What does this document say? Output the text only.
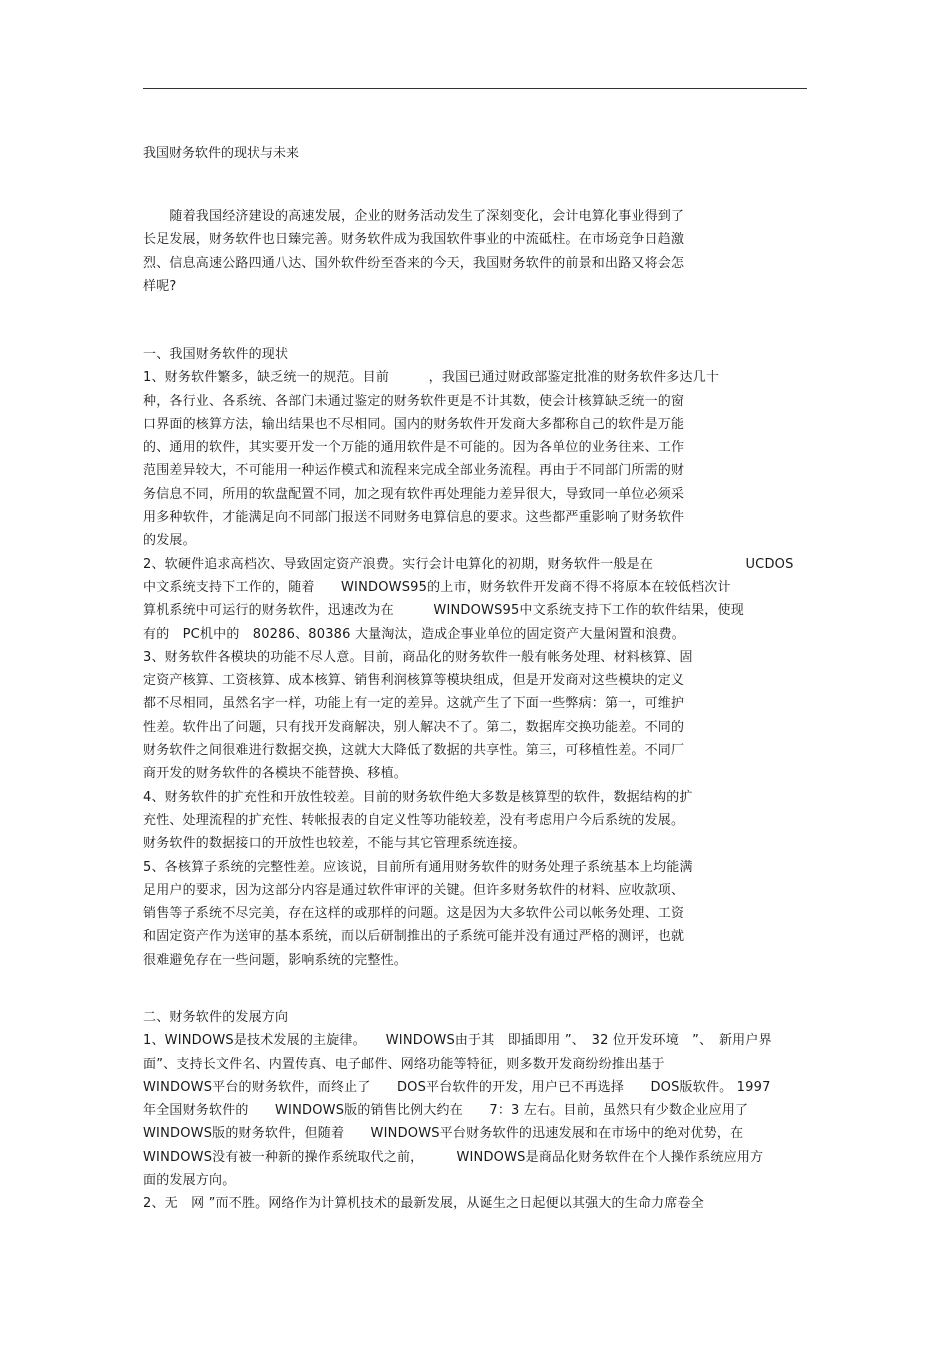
我国财务软件的现状与未来
　　随着我国经济建设的高速发展，企业的财务活动发生了深刻变化，会计电算化事业得到了
长足发展，财务软件也日臻完善。财务软件成为我国软件事业的中流砥柱。在市场竞争日趋激
烈、信息高速公路四通八达、国外软件纷至沓来的今天，我国财务软件的前景和出路又将会怎
样呢?
一、我国财务软件的现状
1、财务软件繁多，缺乏统一的规范。目前　　　，我国已通过财政部鉴定批准的财务软件多达几十
种，各行业、各系统、各部门未通过鉴定的财务软件更是不计其数，使会计核算缺乏统一的窗
口界面的核算方法，输出结果也不尽相同。国内的财务软件开发商大多都称自己的软件是万能
的、通用的软件，其实要开发一个万能的通用软件是不可能的。因为各单位的业务往来、工作
范围差异较大，不可能用一种运作模式和流程来完成全部业务流程。再由于不同部门所需的财
务信息不同，所用的软盘配置不同，加之现有软件再处理能力差异很大，导致同一单位必须采
用多种软件，才能满足向不同部门报送不同财务电算信息的要求。这些都严重影响了财务软件
的发展。
2、软硬件追求高档次、导致固定资产浪费。实行会计电算化的初期，财务软件一般是在　　　　　　　UCDOS
中文系统支持下工作的，随着　　WINDOWS95的上市，财务软件开发商不得不将原本在较低档次计
算机系统中可运行的财务软件，迅速改为在　　　WINDOWS95中文系统支持下工作的软件结果，使现
有的　PC机中的　80286、80386 大量淘汰，造成企事业单位的固定资产大量闲置和浪费。
3、财务软件各模块的功能不尽人意。目前，商品化的财务软件一般有帐务处理、材料核算、固
定资产核算、工资核算、成本核算、销售利润核算等模块组成，但是开发商对这些模块的定义
都不尽相同，虽然名字一样，功能上有一定的差异。这就产生了下面一些弊病：第一，可维护
性差。软件出了问题，只有找开发商解决，别人解决不了。第二，数据库交换功能差。不同的
财务软件之间很难进行数据交换，这就大大降低了数据的共享性。第三，可移植性差。不同厂
商开发的财务软件的各模块不能替换、移植。
4、财务软件的扩充性和开放性较差。目前的财务软件绝大多数是核算型的软件，数据结构的扩
充性、处理流程的扩充性、转帐报表的自定义性等功能较差，没有考虑用户今后系统的发展。
财务软件的数据接口的开放性也较差，不能与其它管理系统连接。
5、各核算子系统的完整性差。应该说，目前所有通用财务软件的财务处理子系统基本上均能满
足用户的要求，因为这部分内容是通过软件审评的关键。但许多财务软件的材料、应收款项、
销售等子系统不尽完美，存在这样的或那样的问题。这是因为大多软件公司以帐务处理、工资
和固定资产作为送审的基本系统，而以后研制推出的子系统可能并没有通过严格的测评，也就
很难避免存在一些问题，影响系统的完整性。
二、财务软件的发展方向
1、WINDOWS是技术发展的主旋律。　　WINDOWS由于其　即插即用 ”、　32 位开发环境　”、　新用户界
面”、支持长文件名、内置传真、电子邮件、网络功能等特征，则多数开发商纷纷推出基于
WINDOWS平台的财务软件，而终止了　　DOS平台软件的开发，用户已不再选择　　DOS版软件。 1997
年全国财务软件的　　WINDOWS版的销售比例大约在　　7：3 左右。目前，虽然只有少数企业应用了
WINDOWS版的财务软件，但随着　　WINDOWS平台财务软件的迅速发展和在市场中的绝对优势，在
WINDOWS没有被一种新的操作系统取代之前，　　　WINDOWS是商品化财务软件在个人操作系统应用方
面的发展方向。
2、无　网 ”而不胜。网络作为计算机技术的最新发展，从诞生之日起便以其强大的生命力席卷全
